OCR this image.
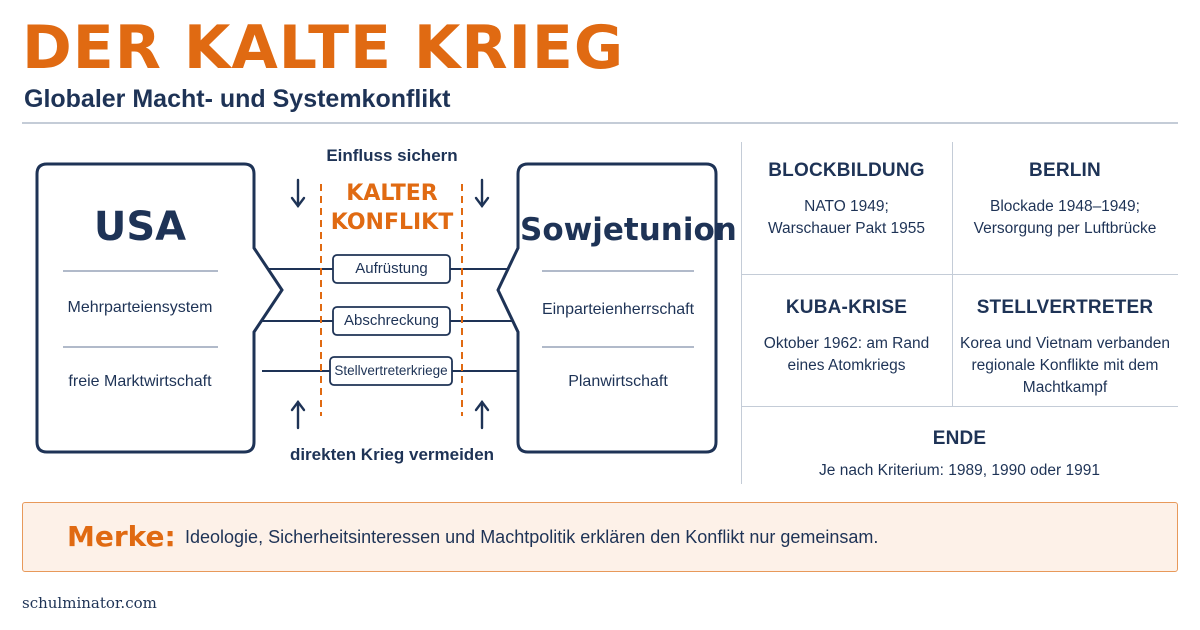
DER KALTE KRIEG
Globaler Macht- und Systemkonflikt
Einfluss sichern
KALTER
KONFLIKT
Aufrüstung
Abschreckung
Stellvertreterkriege
direkten Krieg vermeiden
USA
Mehrparteiensystem
freie Marktwirtschaft
Sowjetunion
Einparteienherrschaft
Planwirtschaft
BLOCKBILDUNG
NATO 1949;
Warschauer Pakt 1955
BERLIN
Blockade 1948–1949;
Versorgung per Luftbrücke
KUBA-KRISE
Oktober 1962: am Rand
eines Atomkriegs
STELLVERTRETER
Korea und Vietnam verbanden
regionale Konflikte mit dem
Machtkampf
ENDE
Je nach Kriterium: 1989, 1990 oder 1991
Merke: Ideologie, Sicherheitsinteressen und Machtpolitik erklären den Konflikt nur gemeinsam.
schulminator.com
